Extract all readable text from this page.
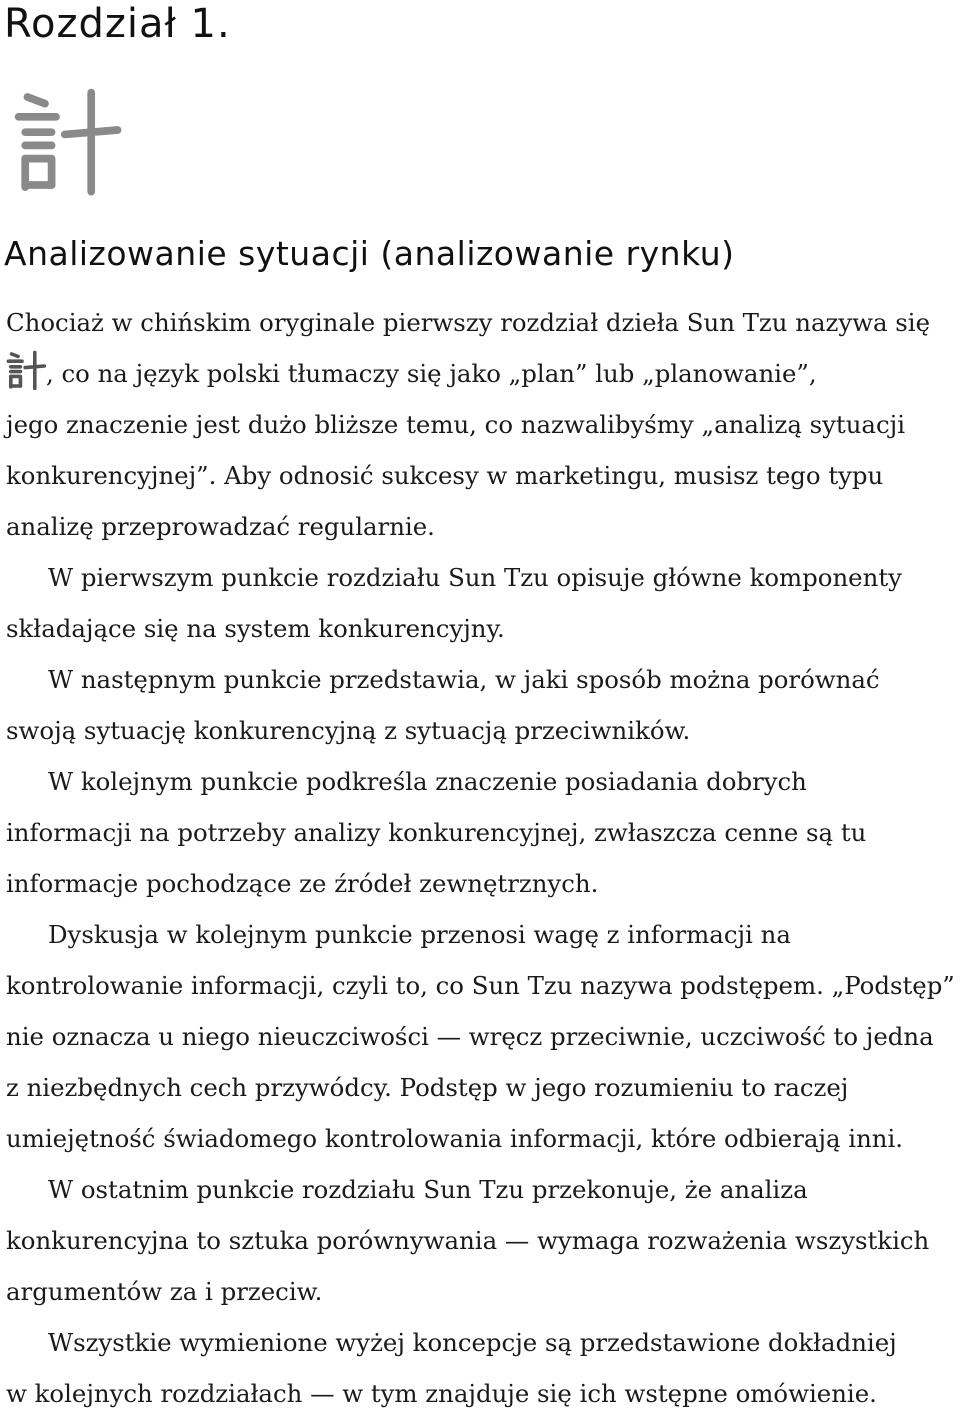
Rozdział 1.
Analizowanie sytuacji (analizowanie rynku)

Chociaż w chińskim oryginale pierwszy rozdział dzieła Sun Tzu nazywa się
, co na język polski tłumaczy się jako „plan” lub „planowanie”,
jego znaczenie jest dużo bliższe temu, co nazwalibyśmy „analizą sytuacji
konkurencyjnej”. Aby odnosić sukcesy w marketingu, musisz tego typu
analizę przeprowadzać regularnie.

W pierwszym punkcie rozdziału Sun Tzu opisuje główne komponenty
składające się na system konkurencyjny.

W następnym punkcie przedstawia, w jaki sposób można porównać
swoją sytuację konkurencyjną z sytuacją przeciwników.

W kolejnym punkcie podkreśla znaczenie posiadania dobrych
informacji na potrzeby analizy konkurencyjnej, zwłaszcza cenne są tu
informacje pochodzące ze źródeł zewnętrznych.

Dyskusja w kolejnym punkcie przenosi wagę z informacji na
kontrolowanie informacji, czyli to, co Sun Tzu nazywa podstępem. „Podstęp”
nie oznacza u niego nieuczciwości — wręcz przeciwnie, uczciwość to jedna
z niezbędnych cech przywódcy. Podstęp w jego rozumieniu to raczej
umiejętność świadomego kontrolowania informacji, które odbierają inni.

W ostatnim punkcie rozdziału Sun Tzu przekonuje, że analiza
konkurencyjna to sztuka porównywania — wymaga rozważenia wszystkich
argumentów za i przeciw.

Wszystkie wymienione wyżej koncepcje są przedstawione dokładniej
w kolejnych rozdziałach — w tym znajduje się ich wstępne omówienie.
